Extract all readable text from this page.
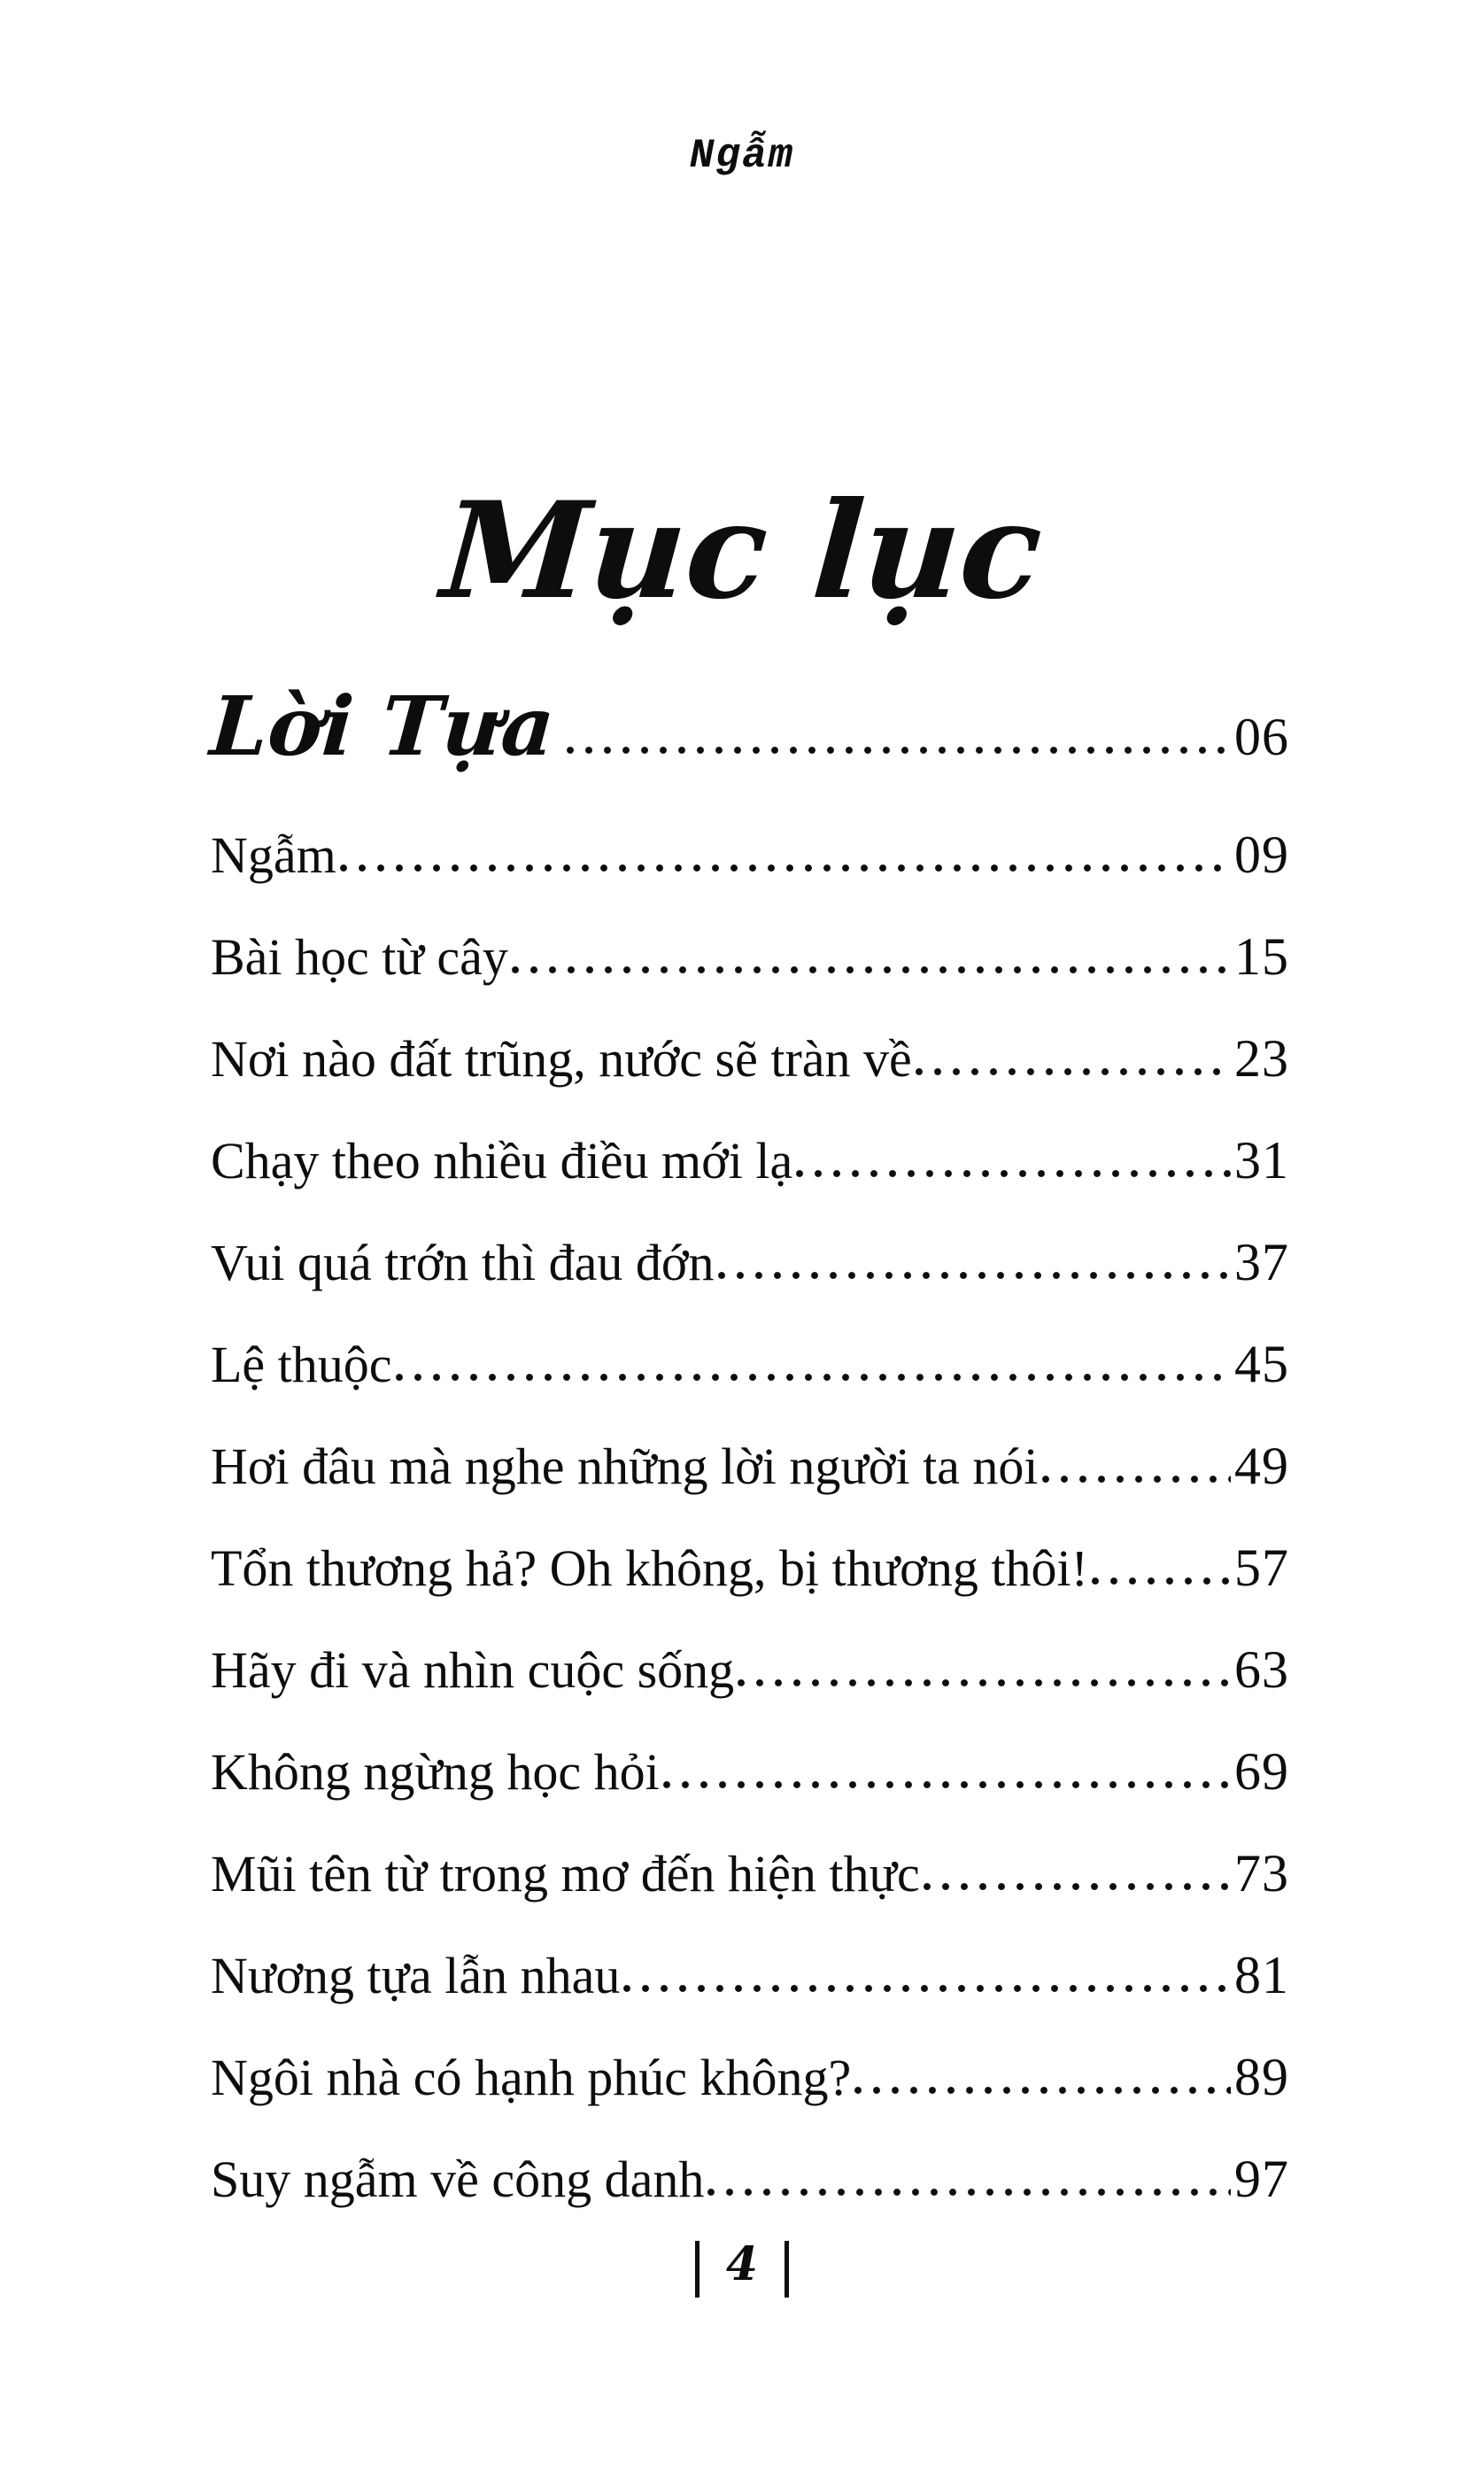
Ngẫm
Mục lục
Lời Tựa	06
Ngẫm	09
Bài học từ cây	15
Nơi nào đất trũng, nước sẽ tràn về	23
Chạy theo nhiều điều mới lạ	31
Vui quá trớn thì đau đớn	37
Lệ thuộc	45
Hơi đâu mà nghe những lời người ta nói	49
Tổn thương hả? Oh không, bị thương thôi!	57
Hãy đi và nhìn cuộc sống	63
Không ngừng học hỏi	69
Mũi tên từ trong mơ đến hiện thực	73
Nương tựa lẫn nhau	81
Ngôi nhà có hạnh phúc không?	89
Suy ngẫm về công danh	97
4
